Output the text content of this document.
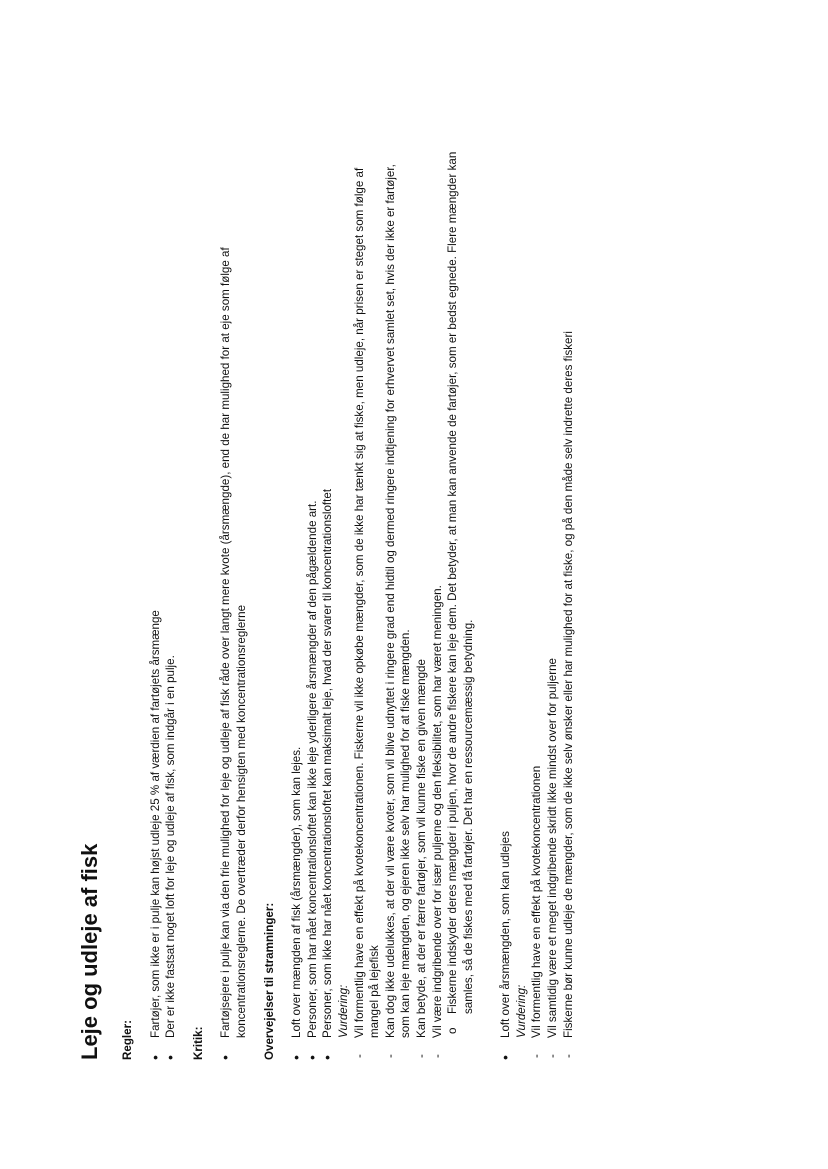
Leje og udleje af fisk Regler:
• Fartøjer, som ikke er i pulje kan højst udleje 25 % af værdien af fartøjets årsmænge • Der er ikke fastsat noget loft for leje og udleje af fisk, som indgår i en pulje.
Kritik:
• Fartøjsejere i pulje kan via den frie mulighed for leje og udleje af fisk råde over langt mere kvote (årsmængde), end de har mulighed for at eje som følge af koncentrationsreglerne. De overtræder derfor hensigten med koncentrationsreglerne Overvejelser til stramninger: • Loft over mængden af fisk (årsmængder), som kan lejes. • Personer, som har nået koncentrationsloftet kan ikke leje yderligere årsmængder af den pågældende art. • Personer, som ikke har nået koncentrationsloftet kan maksimalt leje, hvad der svarer til koncentrationsloftet Vurdering: - Vil formentlig have en effekt på kvotekoncentrationen. Fiskerne vil ikke opkøbe mængder, som de ikke har tænkt sig at fiske, men udleje, når prisen er steget som følge af mangel på lejefisk - Kan dog ikke udelukkes, at der vil være kvoter, som vil blive udnyttet i ringere grad end hidtil og dermed ringere indtjening for erhvervet samlet set, hvis der ikke er fartøjer, som kan leje mængden, og ejeren ikke selv har mulighed for at fiske mængden. - Kan betyde, at der er færre fartøjer, som vil kunne fiske en given mængde - Vil være indgribende over for især puljerne og den fleksibilitet, som har været meningen. o Fiskerne indskyder deres mængder i puljen, hvor de andre fiskere kan leje dem. Det betyder, at man kan anvende de fartøjer, som er bedst egnede. Flere mængder kan samles, så de fiskes med få fartøjer. Det har en ressourcemæssig betydning. • Loft over årsmængden, som kan udlejes Vurdering: - Vil formentlig have en effekt på kvotekoncentrationen - Vil samtidig være et meget indgribende skridt ikke mindst over for puljerne - Fiskerne bør kunne udleje de mængder, som de ikke selv ønsker eller har mulighed for at fiske, og på den måde selv indrette deres fiskeri
